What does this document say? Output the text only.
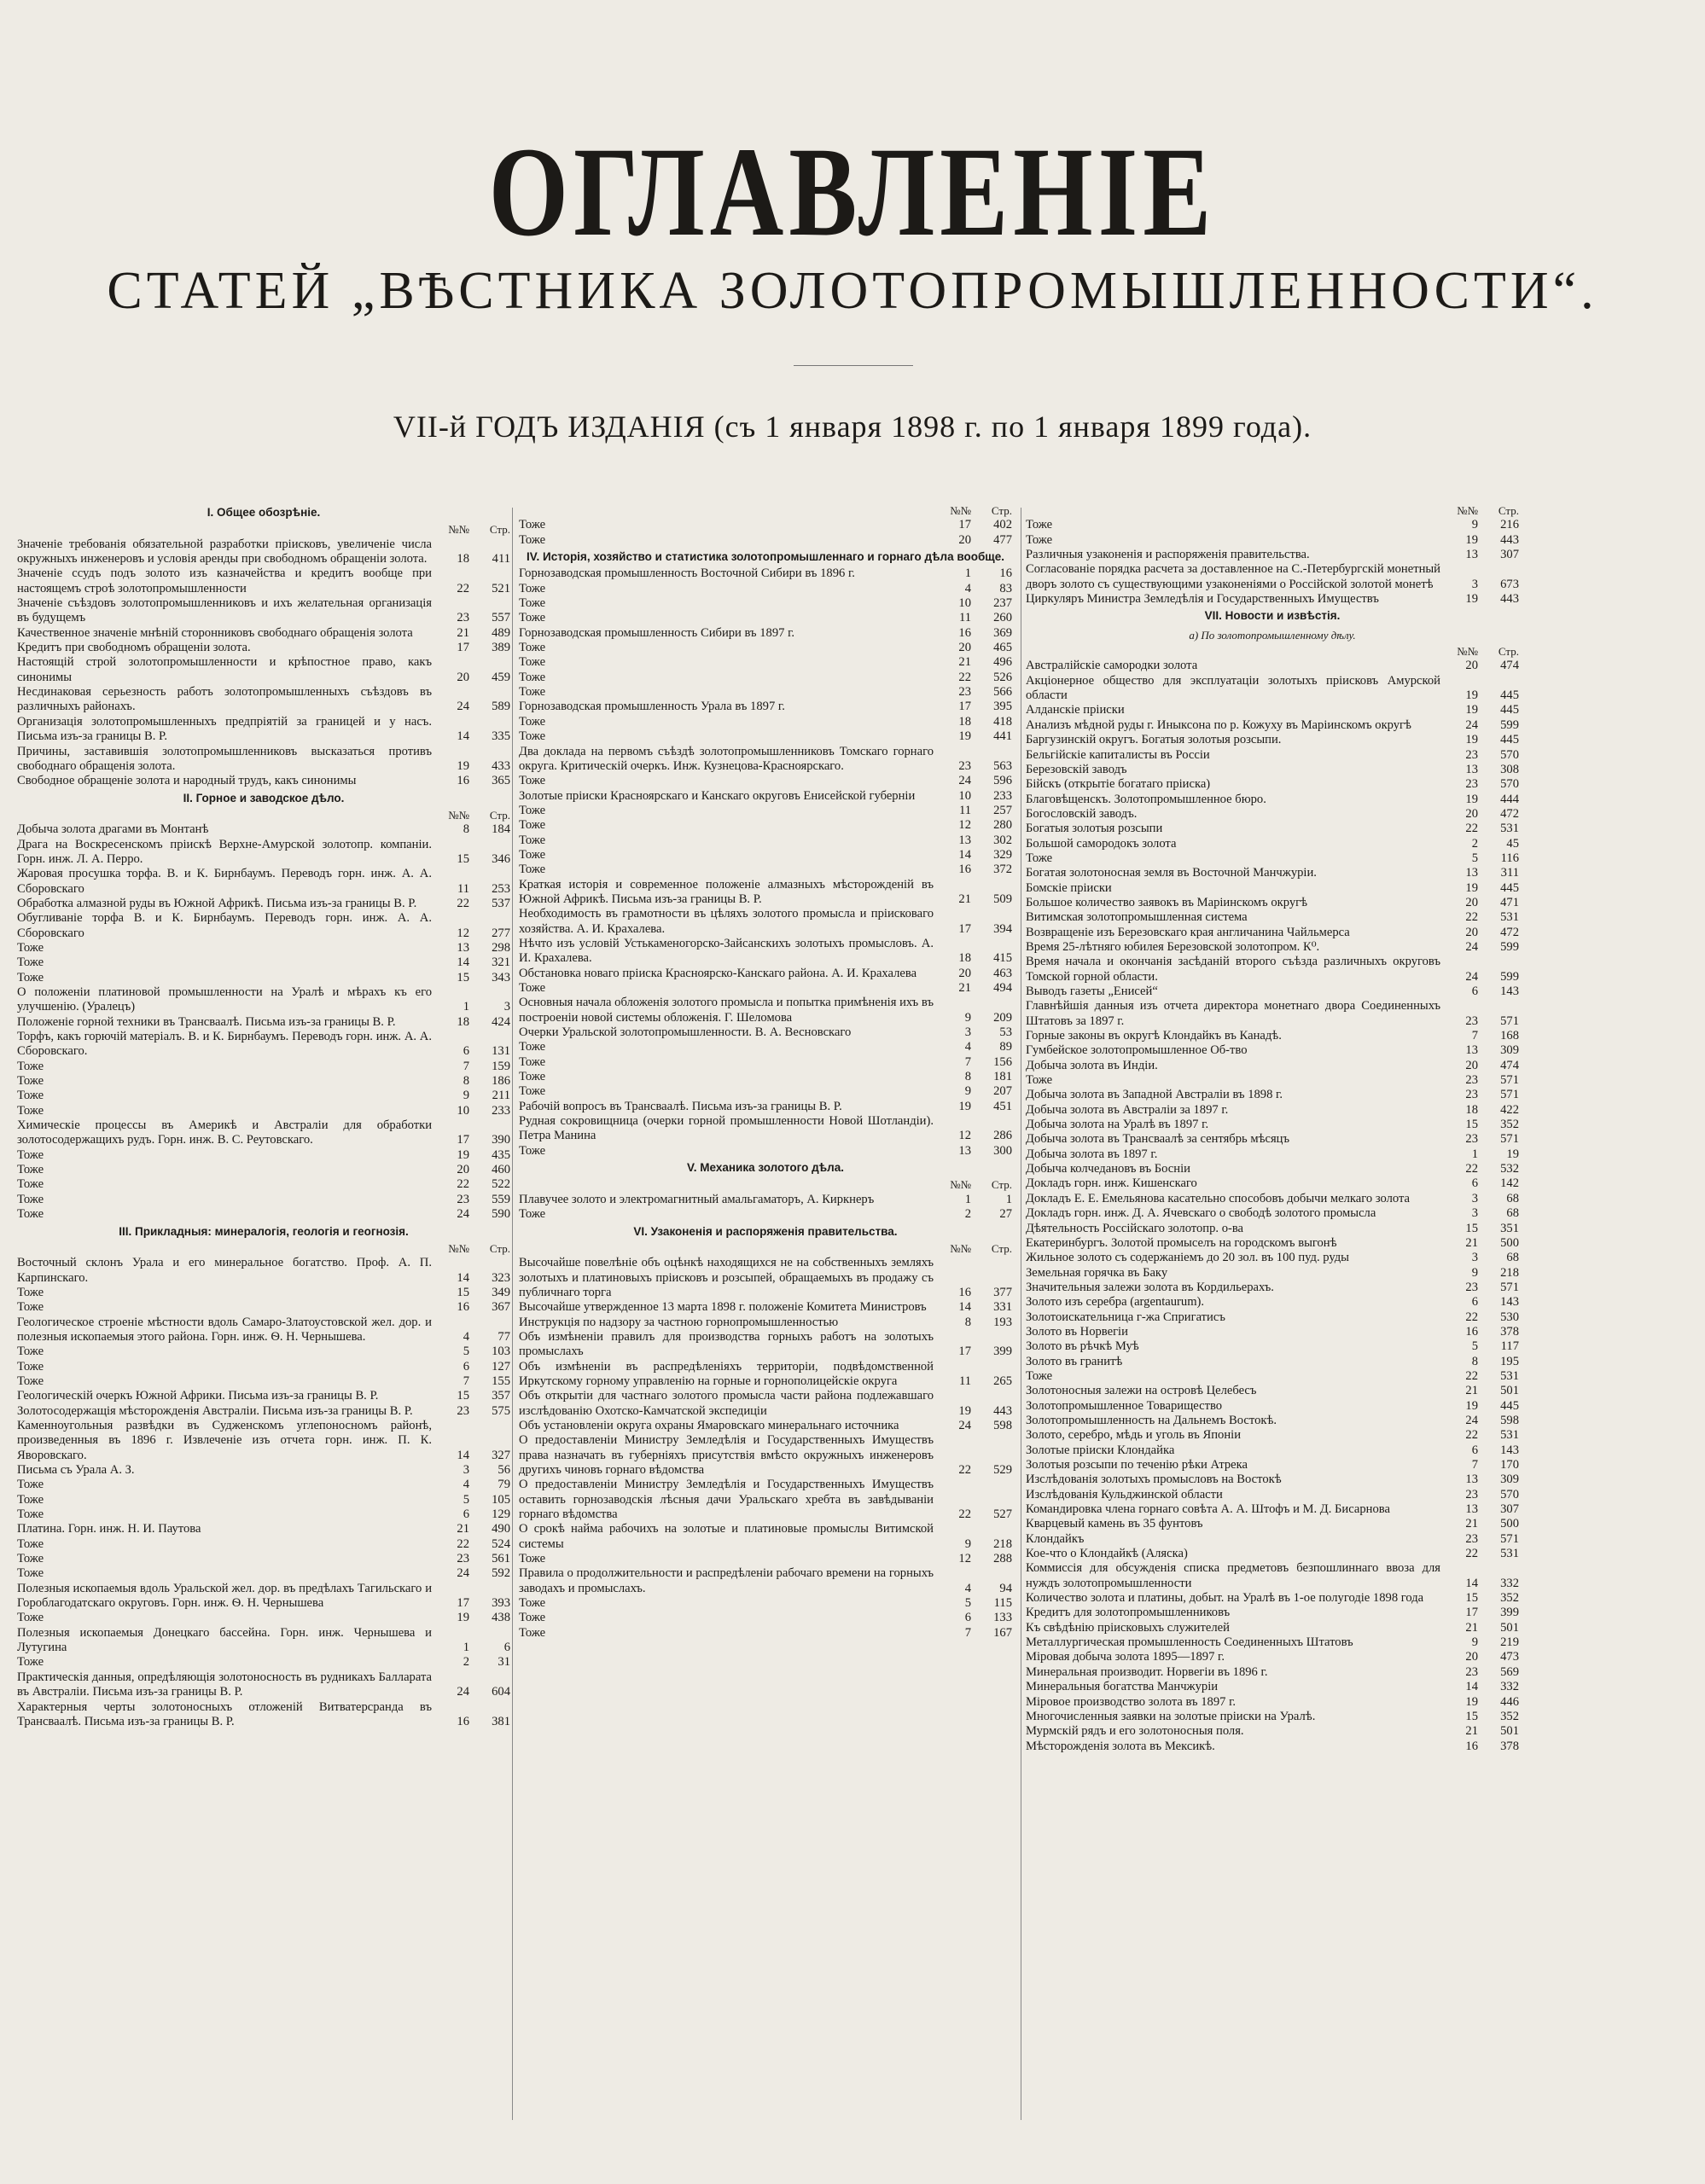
ОГЛАВЛЕНІЕ
СТАТЕЙ „ВѢСТНИКА ЗОЛОТОПРОМЫШЛЕННОСТИ“.
VII-й ГОДЪ ИЗДАНІЯ (съ 1 января 1898 г. по 1 января 1899 года).
I. Общее обозрѣніе.
№№	Стр.
Значеніе требованія обязательной разработки пріисковъ, увеличеніе числа окружныхъ инженеровъ и условія аренды при свободномъ обращеніи золота.	18	411
Значеніе ссудъ подъ золото изъ казначейства и кредитъ вообще при настоящемъ строѣ золотопромышленности	22	521
Значеніе съѣздовъ золотопромышленниковъ и ихъ желательная организація въ будущемъ	23	557
Качественное значеніе мнѣній сторонниковъ свободнаго обращенія золота	21	489
Кредитъ при свободномъ обращеніи золота.	17	389
Настоящій строй золотопромышленности и крѣпостное право, какъ синонимы	20	459
Несдинаковая серьезность работъ золотопромышленныхъ съѣздовъ въ различныхъ районахъ.	24	589
Организація золотопромышленныхъ предпріятій за границей и у насъ. Письма изъ-за границы В. Р.	14	335
Причины, заставившія золотопромышленниковъ высказаться противъ свободнаго обращенія золота.	19	433
Свободное обращеніе золота и народный трудъ, какъ синонимы	16	365
II. Горное и заводское дѣло.
№№	Стр.
Добыча золота драгами въ Монтанѣ	8	184
Драга на Воскресенскомъ пріискѣ Верхне-Амурской золотопр. компаніи. Горн. инж. Л. А. Перро.	15	346
Жаровая просушка торфа. В. и К. Бирнбаумъ. Переводъ горн. инж. А. А. Сборовскаго	11	253
Обработка алмазной руды въ Южной Африкѣ. Письма изъ-за границы В. Р.	22	537
Обугливаніе торфа В. и К. Бирнбаумъ. Переводъ горн. инж. А. А. Сборовскаго	12	277
Тоже	13	298
Тоже	14	321
Тоже	15	343
О положеніи платиновой промышленности на Уралѣ и мѣрахъ къ его улучшенію. (Уралецъ)	1	3
Положеніе горной техники въ Трансваалѣ. Письма изъ-за границы В. Р.	18	424
Торфъ, какъ горючій матеріалъ. В. и К. Бирнбаумъ. Переводъ горн. инж. А. А. Сборовскаго.	6	131
Тоже	7	159
Тоже	8	186
Тоже	9	211
Тоже	10	233
Химическіе процессы въ Америкѣ и Австраліи для обработки золотосодержащихъ рудъ. Горн. инж. В. С. Реутовскаго.	17	390
Тоже	19	435
Тоже	20	460
Тоже	22	522
Тоже	23	559
Тоже	24	590
III. Прикладныя: минералогія, геологія и геогнозія.
№№	Стр.
Восточный склонъ Урала и его минеральное богатство. Проф. А. П. Карпинскаго.	14	323
Тоже	15	349
Тоже	16	367
Геологическое строеніе мѣстности вдоль Самаро-Златоустовской жел. дор. и полезныя ископаемыя этого района. Горн. инж. Ѳ. Н. Чернышева.	4	77
Тоже	5	103
Тоже	6	127
Тоже	7	155
Геологическій очеркъ Южной Африки. Письма изъ-за границы В. Р.	15	357
Золотосодержащія мѣсторожденія Австраліи. Письма изъ-за границы В. Р.	23	575
Каменноугольныя развѣдки въ Судженскомъ углепоносномъ районѣ, произведенныя въ 1896 г. Извлеченіе изъ отчета горн. инж. П. К. Яворовскаго.	14	327
Письма съ Урала А. З.	3	56
Тоже	4	79
Тоже	5	105
Тоже	6	129
Платина. Горн. инж. Н. И. Паутова	21	490
Тоже	22	524
Тоже	23	561
Тоже	24	592
Полезныя ископаемыя вдоль Уральской жел. дор. въ предѣлахъ Тагильскаго и Гороблагодатскаго округовъ. Горн. инж. Ѳ. Н. Чернышева	17	393
Тоже	19	438
Полезныя ископаемыя Донецкаго бассейна. Горн. инж. Чернышева и Лутугина	1	6
Тоже	2	31
Практическія данныя, опредѣляющія золотоносность въ рудникахъ Балларата въ Австраліи. Письма изъ-за границы В. Р.	24	604
Характерныя черты золотоносныхъ отложеній Витватерсранда въ Трансваалѣ. Письма изъ-за границы В. Р.	16	381
№№	Стр.
Тоже	17	402
Тоже	20	477
IV. Исторія, хозяйство и статистика золотопромышленнаго и горнаго дѣла вообще.
Горнозаводская промышленность Восточной Сибири въ 1896 г.	1	16
Тоже	4	83
Тоже	10	237
Тоже	11	260
Горнозаводская промышленность Сибири въ 1897 г.	16	369
Тоже	20	465
Тоже	21	496
Тоже	22	526
Тоже	23	566
Горнозаводская промышленность Урала въ 1897 г.	17	395
Тоже	18	418
Тоже	19	441
Два доклада на первомъ съѣздѣ золотопромышленниковъ Томскаго горнаго округа. Критическій очеркъ. Инж. Кузнецова-Красноярскаго.	23	563
Тоже	24	596
Золотые пріиски Красноярскаго и Канскаго округовъ Енисейской губерніи	10	233
Тоже	11	257
Тоже	12	280
Тоже	13	302
Тоже	14	329
Тоже	16	372
Краткая исторія и современное положеніе алмазныхъ мѣсторожденій въ Южной Африкѣ. Письма изъ-за границы В. Р.	21	509
Необходимость въ грамотности въ цѣляхъ золотого промысла и пріисковаго хозяйства. А. И. Крахалева.	17	394
Нѣчто изъ условій Устькаменогорско-Зайсанскихъ золотыхъ промысловъ. А. И. Крахалева.	18	415
Обстановка новаго пріиска Красноярско-Канскаго района. А. И. Крахалева	20	463
Тоже	21	494
Основныя начала обложенія золотого промысла и попытка примѣненія ихъ въ построеніи новой системы обложенія. Г. Шеломова	9	209
Очерки Уральской золотопромышленности. В. А. Весновскаго	3	53
Тоже	4	89
Тоже	7	156
Тоже	8	181
Тоже	9	207
Рабочій вопросъ въ Трансваалѣ. Письма изъ-за границы В. Р.	19	451
Рудная сокровищница (очерки горной промышленности Новой Шотландіи). Петра Манина	12	286
Тоже	13	300
V. Механика золотого дѣла.
№№	Стр.
Плавучее золото и электромагнитный амальгаматоръ, А. Киркнеръ	1	1
Тоже	2	27
VI. Узаконенія и распоряженія правительства.
№№	Стр.
Высочайше повелѣніе объ оцѣнкѣ находящихся не на собственныхъ земляхъ золотыхъ и платиновыхъ пріисковъ и розсыпей, обращаемыхъ въ продажу съ публичнаго торга	16	377
Высочайше утвержденное 13 марта 1898 г. положеніе Комитета Министровъ	14	331
Инструкція по надзору за частною горнопромышленностью	8	193
Объ измѣненіи правилъ для производства горныхъ работъ на золотыхъ промыслахъ	17	399
Объ измѣненіи въ распредѣленіяхъ территоріи, подвѣдомственной Иркутскому горному управленію на горные и горнополицейскіе округа	11	265
Объ открытіи для частнаго золотого промысла части района подлежавшаго изслѣдованію Охотско-Камчатской экспедиціи	19	443
Объ установленіи округа охраны Ямаровскаго минеральнаго источника	24	598
О предоставленіи Министру Земледѣлія и Государственныхъ Имуществъ права назначать въ губерніяхъ присутствія вмѣсто окружныхъ инженеровъ другихъ чиновъ горнаго вѣдомства	22	529
О предоставленіи Министру Земледѣлія и Государственныхъ Имуществъ оставить горнозаводскія лѣсныя дачи Уральскаго хребта въ завѣдываніи горнаго вѣдомства	22	527
О срокѣ найма рабочихъ на золотые и платиновые промыслы Витимской системы	9	218
Тоже	12	288
Правила о продолжительности и распредѣленіи рабочаго времени на горныхъ заводахъ и промыслахъ.	4	94
Тоже	5	115
Тоже	6	133
Тоже	7	167
№№	Стр.
Тоже	9	216
Тоже	19	443
Различныя узаконенія и распоряженія правительства.	13	307
Согласованіе порядка расчета за доставленное на С.-Петербургскій монетный дворъ золото съ существующими узаконеніями о Россійской золотой монетѣ	3	673
Циркуляръ Министра Земледѣлія и Государственныхъ Имуществъ	19	443
VII. Новости и извѣстія.
а) По золотопромышленному дѣлу.
№№	Стр.
Австралійскіе самородки золота	20	474
Акціонерное общество для эксплуатаціи золотыхъ пріисковъ Амурской области	19	445
Алданскіе пріиски	19	445
Анализъ мѣдной руды г. Иныксона по р. Кожуху въ Маріинскомъ округѣ	24	599
Баргузинскій округъ. Богатыя золотыя розсыпи.	19	445
Бельгійскіе капиталисты въ Россіи	23	570
Березовскій заводъ	13	308
Бійскъ (открытіе богатаго пріиска)	23	570
Благовѣщенскъ. Золотопромышленное бюро.	19	444
Богословскій заводъ.	20	472
Богатыя золотыя розсыпи	22	531
Большой самородокъ золота	2	45
Тоже	5	116
Богатая золотоносная земля въ Восточной Манчжуріи.	13	311
Бомскіе пріиски	19	445
Большое количество заявокъ въ Маріинскомъ округѣ	20	471
Витимская золотопромышленная система	22	531
Возвращеніе изъ Березовскаго края англичанина Чайльмерса	20	472
Время 25-лѣтняго юбилея Березовской золотопром. К⁰.	24	599
Время начала и окончанія засѣданій второго съѣзда различныхъ округовъ Томской горной области.	24	599
Выводъ газеты „Енисей“	6	143
Главнѣйшія данныя изъ отчета директора монетнаго двора Соединенныхъ Штатовъ за 1897 г.	23	571
Горные законы въ округѣ Клондайкъ въ Канадѣ.	7	168
Гумбейское золотопромышленное Об-тво	13	309
Добыча золота въ Индіи.	20	474
Тоже	23	571
Добыча золота въ Западной Австраліи въ 1898 г.	23	571
Добыча золота въ Австраліи за 1897 г.	18	422
Добыча золота на Уралѣ въ 1897 г.	15	352
Добыча золота въ Трансваалѣ за сентябрь мѣсяцъ	23	571
Добыча золота въ 1897 г.	1	19
Добыча колчедановъ въ Босніи	22	532
Докладъ горн. инж. Кишенскаго	6	142
Докладъ Е. Е. Емельянова касательно способовъ добычи мелкаго золота	3	68
Докладъ горн. инж. Д. А. Ячевскаго о свободѣ золотого промысла	3	68
Дѣятельность Россійскаго золотопр. о-ва	15	351
Екатеринбургъ. Золотой промыселъ на городскомъ выгонѣ	21	500
Жильное золото съ содержаніемъ до 20 зол. въ 100 пуд. руды	3	68
Земельная горячка въ Баку	9	218
Значительныя залежи золота въ Кордильерахъ.	23	571
Золото изъ серебра (argentaurum).	6	143
Золотоискательница г-жа Спригатисъ	22	530
Золото въ Норвегіи	16	378
Золото въ рѣчкѣ Муѣ	5	117
Золото въ гранитѣ	8	195
Тоже	22	531
Золотоносныя залежи на островѣ Целебесъ	21	501
Золотопромышленное Товарищество	19	445
Золотопромышленность на Дальнемъ Востокѣ.	24	598
Золото, серебро, мѣдь и уголь въ Японіи	22	531
Золотые пріиски Клондайка	6	143
Золотыя розсыпи по теченію рѣки Атрека	7	170
Изслѣдованія золотыхъ промысловъ на Востокѣ	13	309
Изслѣдованія Кульджинской области	23	570
Командировка члена горнаго совѣта А. А. Штофъ и М. Д. Бисарнова	13	307
Кварцевый камень въ 35 фунтовъ	21	500
Клондайкъ	23	571
Кое-что о Клондайкѣ (Аляска)	22	531
Коммиссія для обсужденія списка предметовъ безпошлиннаго ввоза для нуждъ золотопромышленности	14	332
Количество золота и платины, добыт. на Уралѣ въ 1-ое полугодіе 1898 года	15	352
Кредитъ для золотопромышленниковъ	17	399
Къ свѣдѣнію пріисковыхъ служителей	21	501
Металлургическая промышленность Соединенныхъ Штатовъ	9	219
Міровая добыча золота 1895—1897 г.	20	473
Минеральная производит. Норвегіи въ 1896 г.	23	569
Минеральныя богатства Манчжуріи	14	332
Міровое производство золота въ 1897 г.	19	446
Многочисленныя заявки на золотые пріиски на Уралѣ.	15	352
Мурмскій рядъ и его золотоносныя поля.	21	501
Мѣсторожденія золота въ Мексикѣ.	16	378
